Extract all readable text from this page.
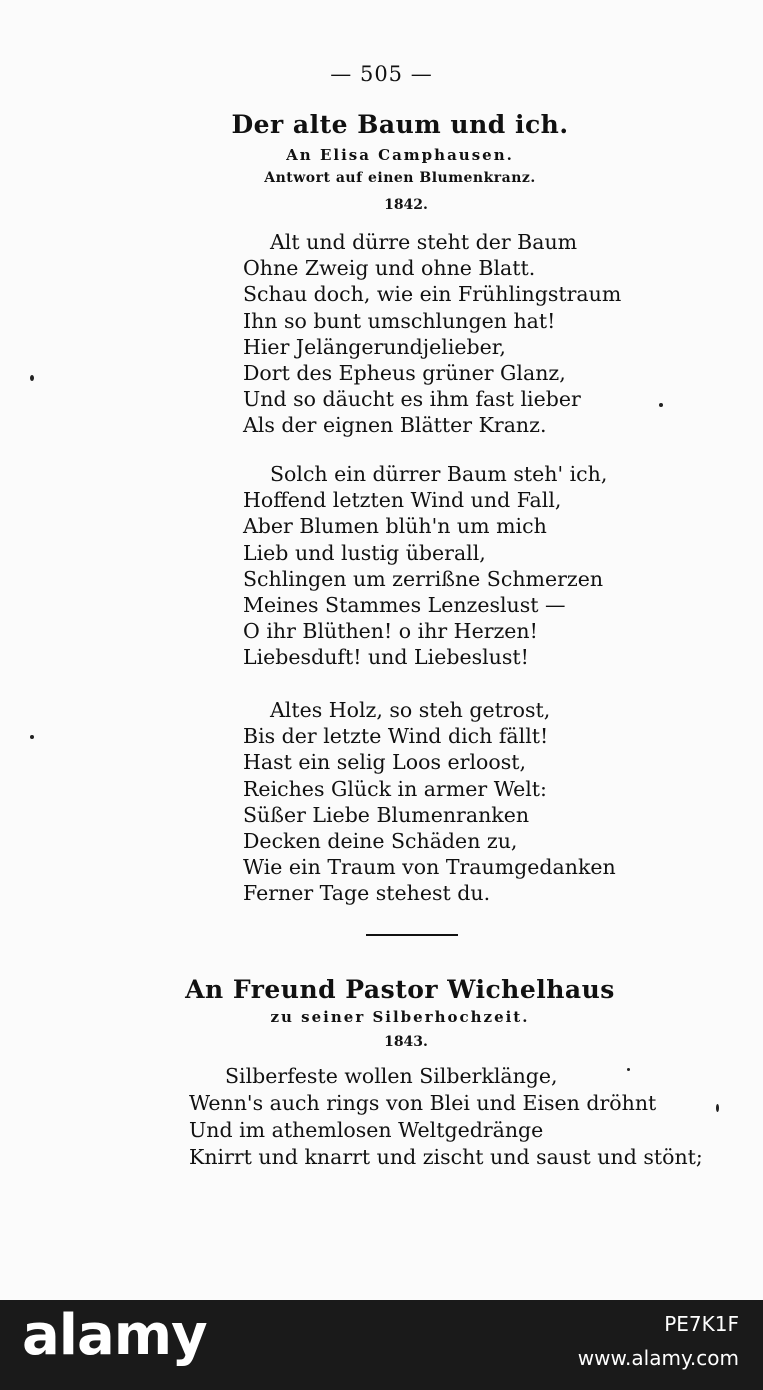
— 505 —
Der alte Baum und ich.
An Elisa Camphausen.
Antwort auf einen Blumenkranz.
1842.
Alt und dürre steht der Baum
Ohne Zweig und ohne Blatt.
Schau doch, wie ein Frühlingstraum
Ihn so bunt umschlungen hat!
Hier Jelängerundjelieber,
Dort des Epheus grüner Glanz,
Und so däucht es ihm fast lieber
Als der eignen Blätter Kranz.
Solch ein dürrer Baum steh' ich,
Hoffend letzten Wind und Fall,
Aber Blumen blüh'n um mich
Lieb und lustig überall,
Schlingen um zerrißne Schmerzen
Meines Stammes Lenzeslust —
O ihr Blüthen! o ihr Herzen!
Liebesduft! und Liebeslust!
Altes Holz, so steh getrost,
Bis der letzte Wind dich fällt!
Hast ein selig Loos erloost,
Reiches Glück in armer Welt:
Süßer Liebe Blumenranken
Decken deine Schäden zu,
Wie ein Traum von Traumgedanken
Ferner Tage stehest du.
An Freund Pastor Wichelhaus
zu seiner Silberhochzeit.
1843.
Silberfeste wollen Silberklänge,
Wenn's auch rings von Blei und Eisen dröhnt
Und im athemlosen Weltgedränge
Knirrt und knarrt und zischt und saust und stönt;
alamy	PE7K1F
www.alamy.com
